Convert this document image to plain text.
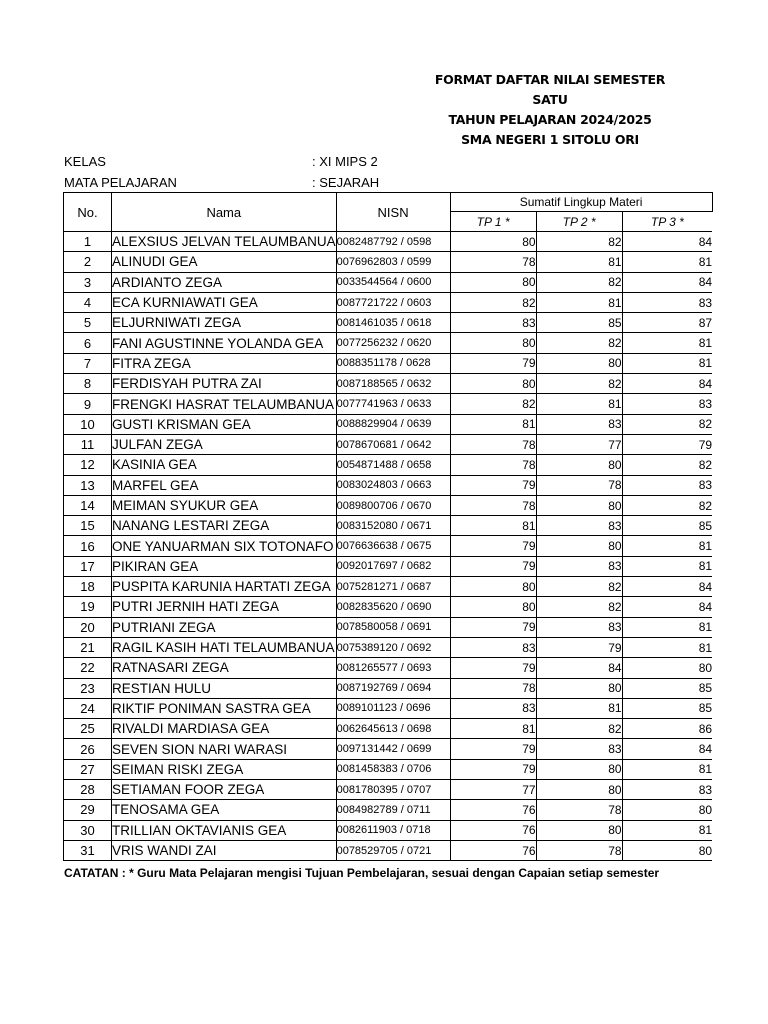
FORMAT DAFTAR NILAI SEMESTER SATU
TAHUN PELAJARAN 2024/2025
SMA NEGERI 1 SITOLU ORI
KELAS	: XI MIPS 2
MATA PELAJARAN	: SEJARAH
No.	Nama	NISN	Sumatif Lingkup Materi		
			TP 1 *	TP 2 *	TP 3 *
1	ALEXSIUS JELVAN TELAUMBANUA	0082487792 / 0598	80	82	84
2	ALINUDI GEA	0076962803 / 0599	78	81	81
3	ARDIANTO ZEGA	0033544564 / 0600	80	82	84
4	ECA KURNIAWATI GEA	0087721722 / 0603	82	81	83
5	ELJURNIWATI ZEGA	0081461035 / 0618	83	85	87
6	FANI AGUSTINNE YOLANDA GEA	0077256232 / 0620	80	82	81
7	FITRA ZEGA	0088351178 / 0628	79	80	81
8	FERDISYAH PUTRA ZAI	0087188565 / 0632	80	82	84
9	FRENGKI HASRAT TELAUMBANUA	0077741963 / 0633	82	81	83
10	GUSTI KRISMAN GEA	0088829904 / 0639	81	83	82
11	JULFAN ZEGA	0078670681 / 0642	78	77	79
12	KASINIA GEA	0054871488 / 0658	78	80	82
13	MARFEL GEA	0083024803 / 0663	79	78	83
14	MEIMAN SYUKUR GEA	0089800706 / 0670	78	80	82
15	NANANG LESTARI ZEGA	0083152080 / 0671	81	83	85
16	ONE YANUARMAN SIX TOTONAFO	0076636638 / 0675	79	80	81
17	PIKIRAN GEA	0092017697 / 0682	79	83	81
18	PUSPITA KARUNIA HARTATI ZEGA	0075281271 / 0687	80	82	84
19	PUTRI JERNIH HATI ZEGA	0082835620 / 0690	80	82	84
20	PUTRIANI ZEGA	0078580058 / 0691	79	83	81
21	RAGIL KASIH HATI TELAUMBANUA	0075389120 / 0692	83	79	81
22	RATNASARI ZEGA	0081265577 / 0693	79	84	80
23	RESTIAN HULU	0087192769 / 0694	78	80	85
24	RIKTIF PONIMAN SASTRA GEA	0089101123 / 0696	83	81	85
25	RIVALDI MARDIASA GEA	0062645613 / 0698	81	82	86
26	SEVEN SION NARI WARASI	0097131442 / 0699	79	83	84
27	SEIMAN RISKI ZEGA	0081458383 / 0706	79	80	81
28	SETIAMAN FOOR ZEGA	0081780395 / 0707	77	80	83
29	TENOSAMA GEA	0084982789 / 0711	76	78	80
30	TRILLIAN OKTAVIANIS GEA	0082611903 / 0718	76	80	81
31	VRIS WANDI ZAI	0078529705 / 0721	76	78	80
CATATAN : * Guru Mata Pelajaran mengisi Tujuan Pembelajaran, sesuai dengan Capaian setiap semester
